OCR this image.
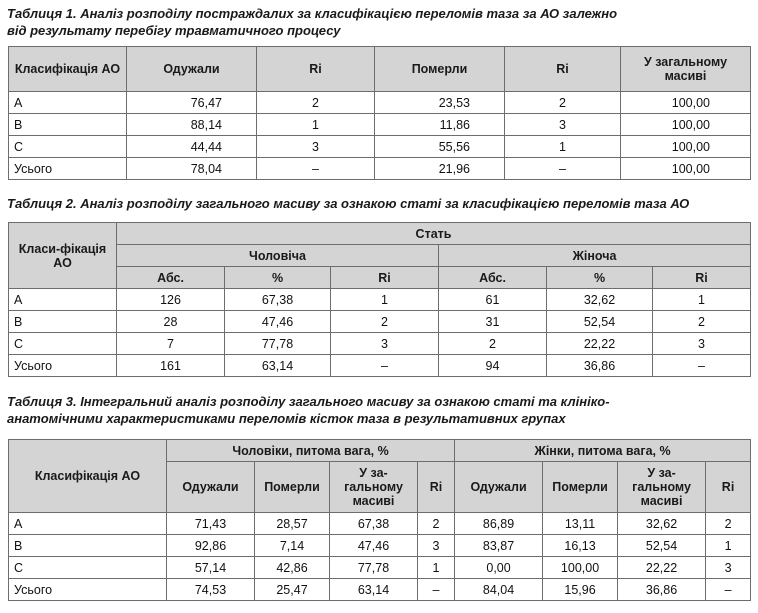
Таблиця 1. Аналіз розподілу постраждалих за класифікацією переломів таза за АО залежно
від результату перебігу травматичного процесу
Класифікація АО	Одужали	Ri	Померли	Ri	У загальному масиві
A	76,47	2	23,53	2	100,00
B	88,14	1	11,86	3	100,00
C	44,44	3	55,56	1	100,00
Усього	78,04	–	21,96	–	100,00
Таблиця 2. Аналіз розподілу загального масиву за ознакою статі за класифікацією переломів таза АО
Класи-фікація АО	Стать					
	Чоловіча			Жіноча		
	Абс.	%	Ri	Абс.	%	Ri
A	126	67,38	1	61	32,62	1
B	28	47,46	2	31	52,54	2
C	7	77,78	3	2	22,22	3
Усього	161	63,14	–	94	36,86	–
Таблиця 3. Інтегральний аналіз розподілу загального масиву за ознакою статі та клініко-
анатомічними характеристиками переломів кісток таза в результативних групах
Класифікація АО	Чоловіки, питома вага, %				Жінки, питома вага, %			
	Одужали	Померли	У за-гальному масиві	Ri	Одужали	Померли	У за-гальному масиві	Ri
A	71,43	28,57	67,38	2	86,89	13,11	32,62	2
B	92,86	7,14	47,46	3	83,87	16,13	52,54	1
C	57,14	42,86	77,78	1	0,00	100,00	22,22	3
Усього	74,53	25,47	63,14	–	84,04	15,96	36,86	–
